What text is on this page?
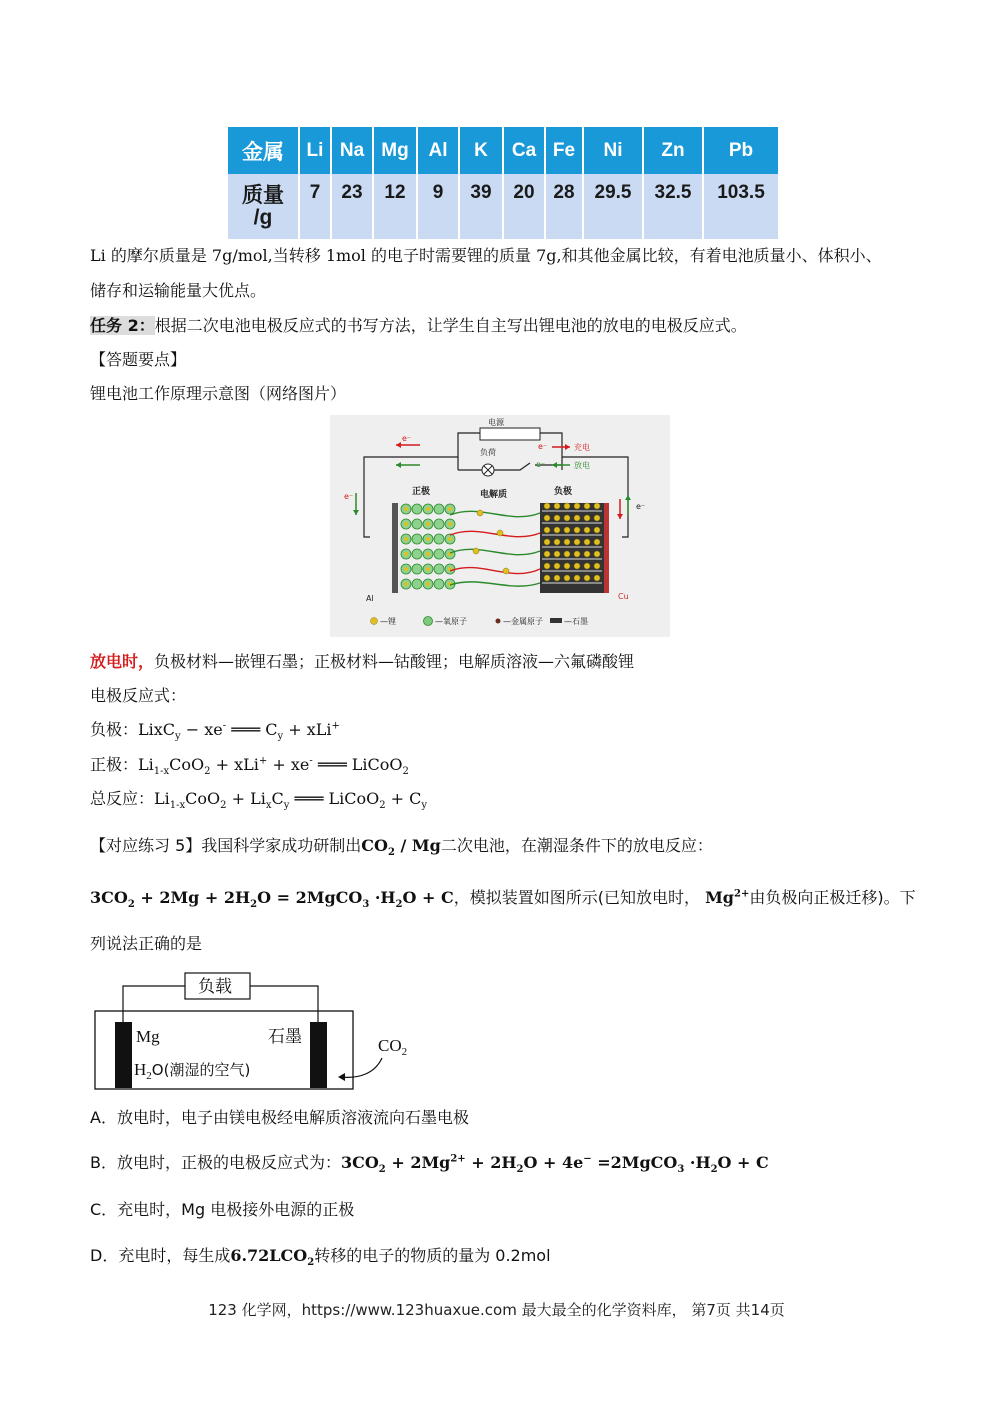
金属	Li	Na	Mg	Al	K	Ca	Fe	Ni	Zn	Pb
质量
/g	7	23	12	9	39	20	28	29.5	32.5	103.5
Li 的摩尔质量是 7g/mol,当转移 1mol 的电子时需要锂的质量 7g,和其他金属比较，有着电池质量小、体积小、
储存和运输能量大优点。
任务 2：根据二次电池电极反应式的书写方法，让学生自主写出锂电池的放电的电极反应式。
【答题要点】
锂电池工作原理示意图（网络图片）
电源
负荷
e⁻
e⁻	充电
e⁻	放电
e⁻
e⁻
正极	电解质	负极
Al	Cu
—锂	—氧原子	—金属原子	—石墨
放电时，负极材料—嵌锂石墨；正极材料—钴酸锂；电解质溶液—六氟磷酸锂
电极反应式：
负极：LixC$_y$ − xe- ═══ $C_y + xLi^+$
正极：$Li_{1-x}CoO_2 + xLi^+ + xe^-$ ═══ LiCoO$_2$
总反应：$Li_{1-x}CoO_2 + Li_xC_y$ ═══ LiCoO$_2$ + $C_y$
【对应练习 5】我国科学家成功研制出$CO_2$ / Mg二次电池，在潮湿条件下的放电反应：
$3CO_2 + 2Mg + 2H_2O$ = 2MgCO$_3$ $\cdot H_2O + C$，模拟装置如图所示(已知放电时， $Mg^{2+}$由负极向正极迁移)。下
列说法正确的是
负载
Mg	石墨
$H_2O$(潮湿的空气)
$CO_2$
A．放电时，电子由镁电极经电解质溶液流向石墨电极
B．放电时，正极的电极反应式为：$3CO_2 + 2Mg^{2+} + 2H_2O + 4e^-$ =2MgCO$_3$ $\cdot H_2O + C$
C．充电时，Mg 电极接外电源的正极
D．充电时，每生成$6.72LCO_2$转移的电子的物质的量为 0.2mol
123 化学网，https://www.123huaxue.com 最大最全的化学资料库， 第7页 共14页
